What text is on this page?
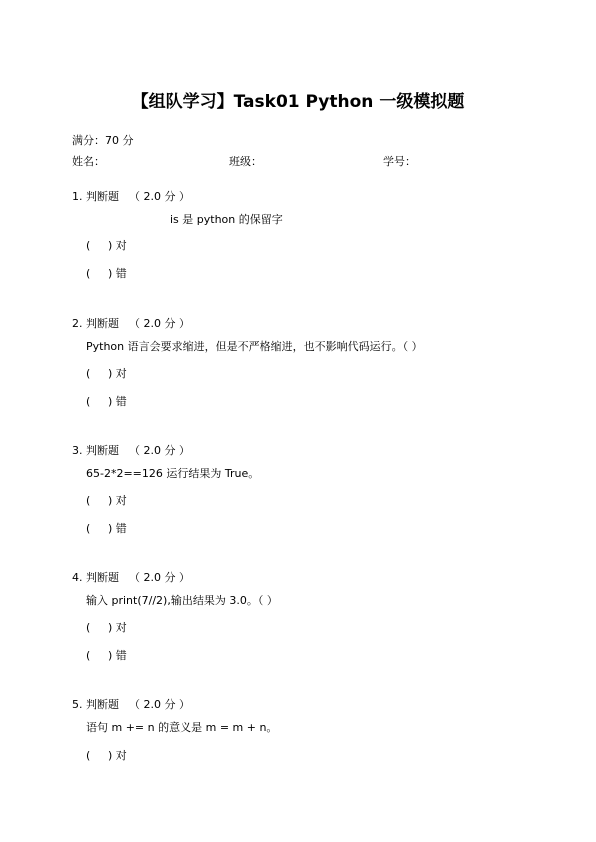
【组队学习】Task01 Python 一级模拟题
满分：70 分
姓名：	班级：	学号：
1. 判断题 （ 2.0 分 ）
is 是 python 的保留字
( ) 对
( ) 错
2. 判断题 （ 2.0 分 ）
Python 语言会要求缩进，但是不严格缩进，也不影响代码运行。（ ）
( ) 对
( ) 错
3. 判断题 （ 2.0 分 ）
65-2*2==126 运行结果为 True。
( ) 对
( ) 错
4. 判断题 （ 2.0 分 ）
输入 print(7//2),输出结果为 3.0。（ ）
( ) 对
( ) 错
5. 判断题 （ 2.0 分 ）
语句 m += n 的意义是 m = m + n。
( ) 对
